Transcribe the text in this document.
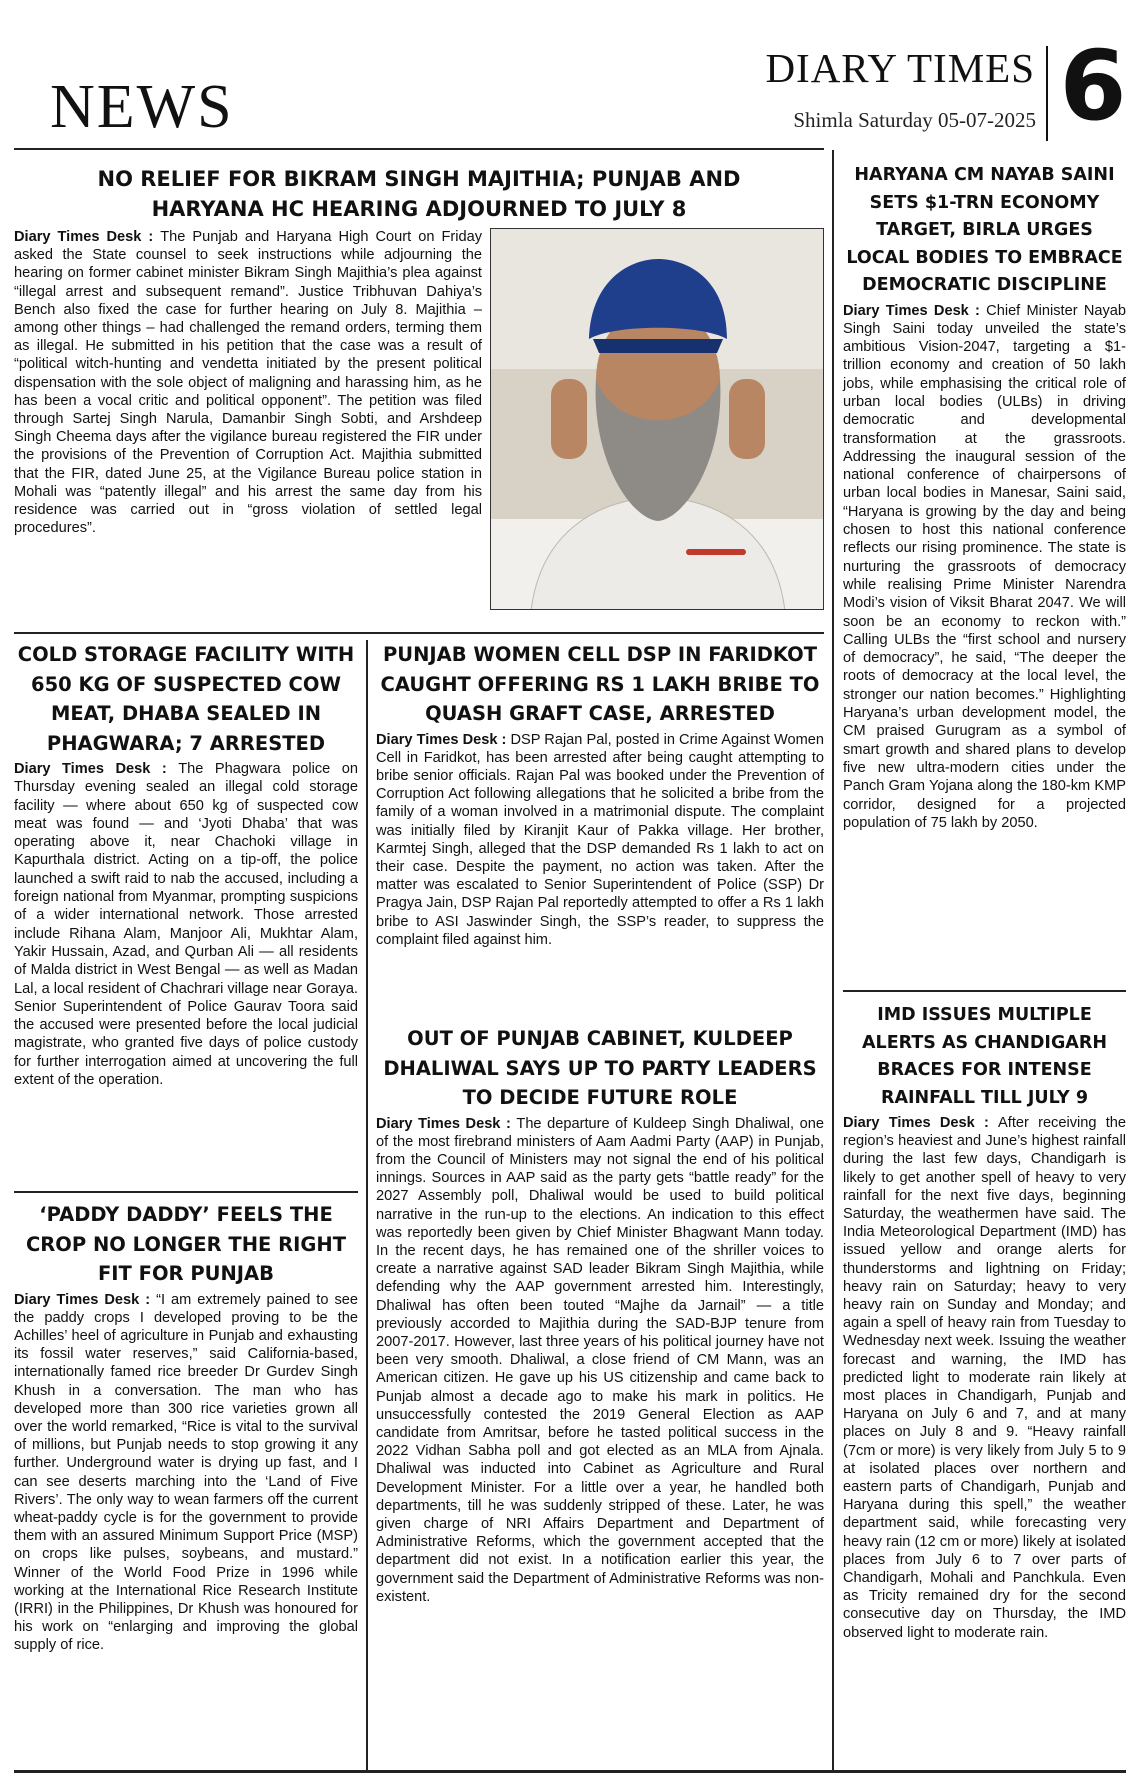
NEWS
DIARY TIMES
Shimla Saturday 05-07-2025 6
NO RELIEF FOR BIKRAM SINGH MAJITHIA; PUNJAB AND HARYANA HC HEARING ADJOURNED TO JULY 8
Diary Times Desk : The Punjab and Haryana High Court on Friday asked the State counsel to seek instructions while adjourning the hearing on former cabinet minister Bikram Singh Majithia’s plea against “illegal arrest and subsequent remand”. Justice Tribhuvan Dahiya’s Bench also fixed the case for further hearing on July 8. Majithia – among other things – had challenged the remand orders, terming them as illegal. He submitted in his petition that the case was a result of “political witch-hunting and vendetta initiated by the present political dispensation with the sole object of maligning and harassing him, as he has been a vocal critic and political opponent”. The petition was filed through Sartej Singh Narula, Damanbir Singh Sobti, and Arshdeep Singh Cheema days after the vigilance bureau registered the FIR under the provisions of the Prevention of Corruption Act. Majithia submitted that the FIR, dated June 25, at the Vigilance Bureau police station in Mohali was “patently illegal” and his arrest the same day from his residence was carried out in “gross violation of settled legal procedures”.
COLD STORAGE FACILITY WITH 650 KG OF SUSPECTED COW MEAT, DHABA SEALED IN PHAGWARA; 7 ARRESTED
Diary Times Desk : The Phagwara police on Thursday evening sealed an illegal cold storage facility — where about 650 kg of suspected cow meat was found — and ‘Jyoti Dhaba’ that was operating above it, near Chachoki village in Kapurthala district. Acting on a tip-off, the police launched a swift raid to nab the accused, including a foreign national from Myanmar, prompting suspicions of a wider international network. Those arrested include Rihana Alam, Manjoor Ali, Mukhtar Alam, Yakir Hussain, Azad, and Qurban Ali — all residents of Malda district in West Bengal — as well as Madan Lal, a local resident of Chachrari village near Goraya. Senior Superintendent of Police Gaurav Toora said the accused were presented before the local judicial magistrate, who granted five days of police custody for further interrogation aimed at uncovering the full extent of the operation.
‘PADDY DADDY’ FEELS THE CROP NO LONGER THE RIGHT FIT FOR PUNJAB
Diary Times Desk : “I am extremely pained to see the paddy crops I developed proving to be the Achilles’ heel of agriculture in Punjab and exhausting its fossil water reserves,” said California-based, internationally famed rice breeder Dr Gurdev Singh Khush in a conversation. The man who has developed more than 300 rice varieties grown all over the world remarked, “Rice is vital to the survival of millions, but Punjab needs to stop growing it any further. Underground water is drying up fast, and I can see deserts marching into the ‘Land of Five Rivers’. The only way to wean farmers off the current wheat-paddy cycle is for the government to provide them with an assured Minimum Support Price (MSP) on crops like pulses, soybeans, and mustard.” Winner of the World Food Prize in 1996 while working at the International Rice Research Institute (IRRI) in the Philippines, Dr Khush was honoured for his work on “enlarging and improving the global supply of rice.
PUNJAB WOMEN CELL DSP IN FARIDKOT CAUGHT OFFERING RS 1 LAKH BRIBE TO QUASH GRAFT CASE, ARRESTED
Diary Times Desk : DSP Rajan Pal, posted in Crime Against Women Cell in Faridkot, has been arrested after being caught attempting to bribe senior officials. Rajan Pal was booked under the Prevention of Corruption Act following allegations that he solicited a bribe from the family of a woman involved in a matrimonial dispute. The complaint was initially filed by Kiranjit Kaur of Pakka village. Her brother, Karmtej Singh, alleged that the DSP demanded Rs 1 lakh to act on their case. Despite the payment, no action was taken. After the matter was escalated to Senior Superintendent of Police (SSP) Dr Pragya Jain, DSP Rajan Pal reportedly attempted to offer a Rs 1 lakh bribe to ASI Jaswinder Singh, the SSP’s reader, to suppress the complaint filed against him.
OUT OF PUNJAB CABINET, KULDEEP DHALIWAL SAYS UP TO PARTY LEADERS TO DECIDE FUTURE ROLE
Diary Times Desk : The departure of Kuldeep Singh Dhaliwal, one of the most firebrand ministers of Aam Aadmi Party (AAP) in Punjab, from the Council of Ministers may not signal the end of his political innings. Sources in AAP said as the party gets “battle ready” for the 2027 Assembly poll, Dhaliwal would be used to build political narrative in the run-up to the elections. An indication to this effect was reportedly been given by Chief Minister Bhagwant Mann today. In the recent days, he has remained one of the shriller voices to create a narrative against SAD leader Bikram Singh Majithia, while defending why the AAP government arrested him. Interestingly, Dhaliwal has often been touted “Majhe da Jarnail” — a title previously accorded to Majithia during the SAD-BJP tenure from 2007-2017. However, last three years of his political journey have not been very smooth. Dhaliwal, a close friend of CM Mann, was an American citizen. He gave up his US citizenship and came back to Punjab almost a decade ago to make his mark in politics. He unsuccessfully contested the 2019 General Election as AAP candidate from Amritsar, before he tasted political success in the 2022 Vidhan Sabha poll and got elected as an MLA from Ajnala. Dhaliwal was inducted into Cabinet as Agriculture and Rural Development Minister. For a little over a year, he handled both departments, till he was suddenly stripped of these. Later, he was given charge of NRI Affairs Department and Department of Administrative Reforms, which the government accepted that the department did not exist. In a notification earlier this year, the government said the Department of Administrative Reforms was non-existent.
HARYANA CM NAYAB SAINI SETS $1-TRN ECONOMY TARGET, BIRLA URGES LOCAL BODIES TO EMBRACE DEMOCRATIC DISCIPLINE
Diary Times Desk : Chief Minister Nayab Singh Saini today unveiled the state’s ambitious Vision-2047, targeting a $1-trillion economy and creation of 50 lakh jobs, while emphasising the critical role of urban local bodies (ULBs) in driving democratic and developmental transformation at the grassroots. Addressing the inaugural session of the national conference of chairpersons of urban local bodies in Manesar, Saini said, “Haryana is growing by the day and being chosen to host this national conference reflects our rising prominence. The state is nurturing the grassroots of democracy while realising Prime Minister Narendra Modi’s vision of Viksit Bharat 2047. We will soon be an economy to reckon with.” Calling ULBs the “first school and nursery of democracy”, he said, “The deeper the roots of democracy at the local level, the stronger our nation becomes.” Highlighting Haryana’s urban development model, the CM praised Gurugram as a symbol of smart growth and shared plans to develop five new ultra-modern cities under the Panch Gram Yojana along the 180-km KMP corridor, designed for a projected population of 75 lakh by 2050.
IMD ISSUES MULTIPLE ALERTS AS CHANDIGARH BRACES FOR INTENSE RAINFALL TILL JULY 9
Diary Times Desk : After receiving the region’s heaviest and June’s highest rainfall during the last few days, Chandigarh is likely to get another spell of heavy to very rainfall for the next five days, beginning Saturday, the weathermen have said. The India Meteorological Department (IMD) has issued yellow and orange alerts for thunderstorms and lightning on Friday; heavy rain on Saturday; heavy to very heavy rain on Sunday and Monday; and again a spell of heavy rain from Tuesday to Wednesday next week. Issuing the weather forecast and warning, the IMD has predicted light to moderate rain likely at most places in Chandigarh, Punjab and Haryana on July 6 and 7, and at many places on July 8 and 9. “Heavy rainfall (7cm or more) is very likely from July 5 to 9 at isolated places over northern and eastern parts of Chandigarh, Punjab and Haryana during this spell,” the weather department said, while forecasting very heavy rain (12 cm or more) likely at isolated places from July 6 to 7 over parts of Chandigarh, Mohali and Panchkula. Even as Tricity remained dry for the second consecutive day on Thursday, the IMD observed light to moderate rain.
